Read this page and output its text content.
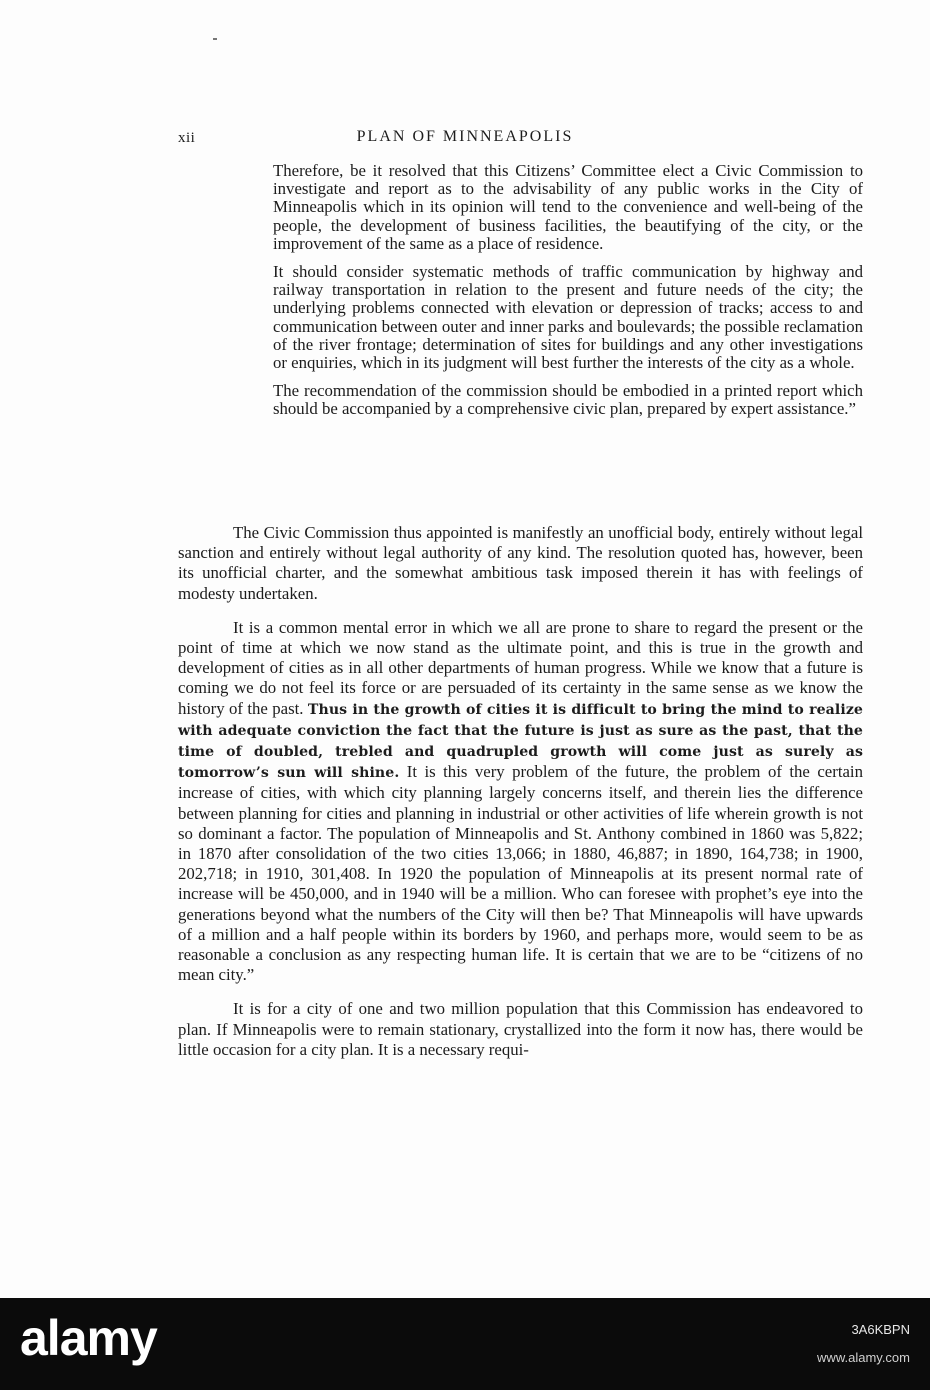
xii	PLAN OF MINNEAPOLIS

Therefore, be it resolved that this Citizens’ Committee elect a Civic Commission to investigate and report as to the advisability of any public works in the City of Minneapolis which in its opinion will tend to the convenience and well-being of the people, the development of business facilities, the beautifying of the city, or the improvement of the same as a place of residence.

It should consider systematic methods of traffic communication by highway and railway transportation in relation to the present and future needs of the city; the underlying problems connected with elevation or depression of tracks; access to and communication between outer and inner parks and boulevards; the possible reclamation of the river frontage; determination of sites for buildings and any other investigations or enquiries, which in its judgment will best further the interests of the city as a whole.

The recommendation of the commission should be embodied in a printed report which should be accompanied by a comprehensive civic plan, prepared by expert assistance.”

The Civic Commission thus appointed is manifestly an unofficial body, entirely without legal sanction and entirely without legal authority of any kind. The resolution quoted has, however, been its unofficial charter, and the somewhat ambitious task imposed therein it has with feelings of modesty undertaken.

It is a common mental error in which we all are prone to share to regard the present or the point of time at which we now stand as the ultimate point, and this is true in the growth and development of cities as in all other departments of human progress. While we know that a future is coming we do not feel its force or are persuaded of its certainty in the same sense as we know the history of the past. Thus in the growth of cities it is difficult to bring the mind to realize with adequate conviction the fact that the future is just as sure as the past, that the time of doubled, trebled and quadrupled growth will come just as surely as tomorrow’s sun will shine. It is this very problem of the future, the problem of the certain increase of cities, with which city planning largely concerns itself, and therein lies the difference between planning for cities and planning in industrial or other activities of life wherein growth is not so dominant a factor. The population of Minneapolis and St. Anthony combined in 1860 was 5,822; in 1870 after consolidation of the two cities 13,066; in 1880, 46,887; in 1890, 164,738; in 1900, 202,718; in 1910, 301,408. In 1920 the population of Minneapolis at its present normal rate of increase will be 450,000, and in 1940 will be a million. Who can foresee with prophet’s eye into the generations beyond what the numbers of the City will then be? That Minneapolis will have upwards of a million and a half people within its borders by 1960, and perhaps more, would seem to be as reasonable a conclusion as any respecting human life. It is certain that we are to be “citizens of no mean city.”

It is for a city of one and two million population that this Commission has endeavored to plan. If Minneapolis were to remain stationary, crystallized into the form it now has, there would be little occasion for a city plan. It is a necessary requi-

alamy	3A6KBPN
www.alamy.com
